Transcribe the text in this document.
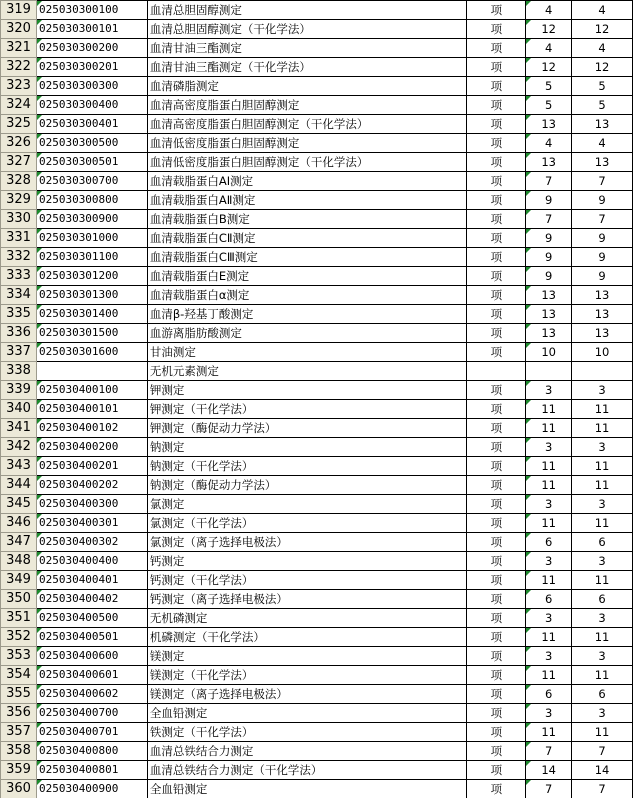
319	025030300100	血清总胆固醇测定	项	4	4
320	025030300101	血清总胆固醇测定（干化学法）	项	12	12
321	025030300200	血清甘油三酯测定	项	4	4
322	025030300201	血清甘油三酯测定（干化学法）	项	12	12
323	025030300300	血清磷脂测定	项	5	5
324	025030300400	血清高密度脂蛋白胆固醇测定	项	5	5
325	025030300401	血清高密度脂蛋白胆固醇测定（干化学法）	项	13	13
326	025030300500	血清低密度脂蛋白胆固醇测定	项	4	4
327	025030300501	血清低密度脂蛋白胆固醇测定（干化学法）	项	13	13
328	025030300700	血清载脂蛋白AⅠ测定	项	7	7
329	025030300800	血清载脂蛋白AⅡ测定	项	9	9
330	025030300900	血清载脂蛋白B测定	项	7	7
331	025030301000	血清载脂蛋白CⅡ测定	项	9	9
332	025030301100	血清载脂蛋白CⅢ测定	项	9	9
333	025030301200	血清载脂蛋白E测定	项	9	9
334	025030301300	血清载脂蛋白α测定	项	13	13
335	025030301400	血清β-羟基丁酸测定	项	13	13
336	025030301500	血游离脂肪酸测定	项	13	13
337	025030301600	甘油测定	项	10	10
338		无机元素测定			
339	025030400100	钾测定	项	3	3
340	025030400101	钾测定（干化学法）	项	11	11
341	025030400102	钾测定（酶促动力学法）	项	11	11
342	025030400200	钠测定	项	3	3
343	025030400201	钠测定（干化学法）	项	11	11
344	025030400202	钠测定（酶促动力学法）	项	11	11
345	025030400300	氯测定	项	3	3
346	025030400301	氯测定（干化学法）	项	11	11
347	025030400302	氯测定（离子选择电极法）	项	6	6
348	025030400400	钙测定	项	3	3
349	025030400401	钙测定（干化学法）	项	11	11
350	025030400402	钙测定（离子选择电极法）	项	6	6
351	025030400500	无机磷测定	项	3	3
352	025030400501	机磷测定（干化学法）	项	11	11
353	025030400600	镁测定	项	3	3
354	025030400601	镁测定（干化学法）	项	11	11
355	025030400602	镁测定（离子选择电极法）	项	6	6
356	025030400700	全血铅测定	项	3	3
357	025030400701	铁测定（干化学法）	项	11	11
358	025030400800	血清总铁结合力测定	项	7	7
359	025030400801	血清总铁结合力测定（干化学法）	项	14	14
360	025030400900	全血铅测定	项	7	7
